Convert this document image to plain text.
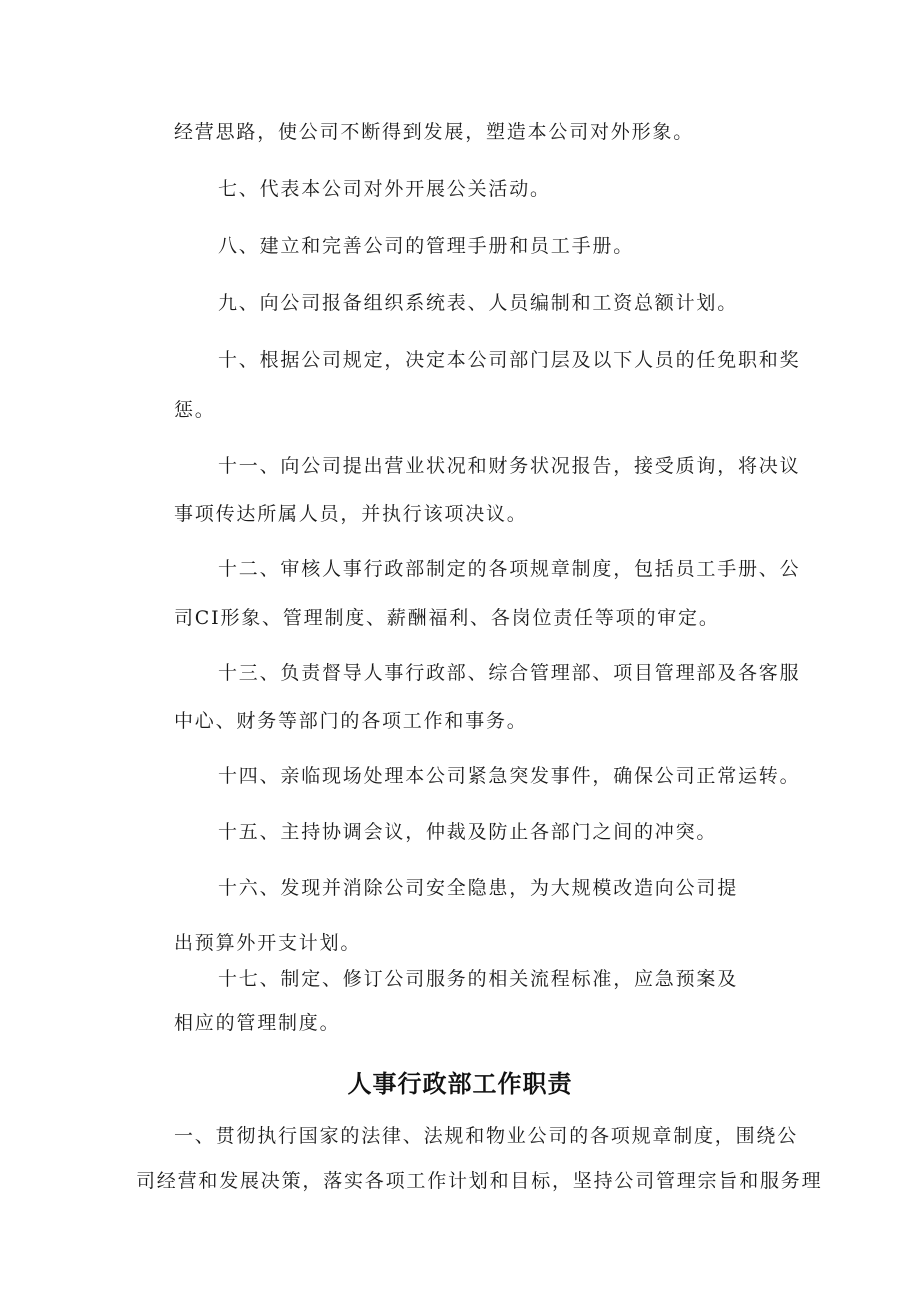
经营思路，使公司不断得到发展，塑造本公司对外形象。

七、代表本公司对外开展公关活动。

八、建立和完善公司的管理手册和员工手册。

九、向公司报备组织系统表、人员编制和工资总额计划。

十、根据公司规定，决定本公司部门层及以下人员的任免职和奖

惩。

十一、向公司提出营业状况和财务状况报告，接受质询，将决议

事项传达所属人员，并执行该项决议。

十二、审核人事行政部制定的各项规章制度，包括员工手册、公

司CI形象、管理制度、薪酬福利、各岗位责任等项的审定。

十三、负责督导人事行政部、综合管理部、项目管理部及各客服

中心、财务等部门的各项工作和事务。

十四、亲临现场处理本公司紧急突发事件，确保公司正常运转。

十五、主持协调会议，仲裁及防止各部门之间的冲突。

十六、发现并消除公司安全隐患，为大规模改造向公司提

出预算外开支计划。

十七、制定、修订公司服务的相关流程标准，应急预案及

相应的管理制度。

人事行政部工作职责

一、贯彻执行国家的法律、法规和物业公司的各项规章制度，围绕公

司经营和发展决策，落实各项工作计划和目标，坚持公司管理宗旨和服务理
